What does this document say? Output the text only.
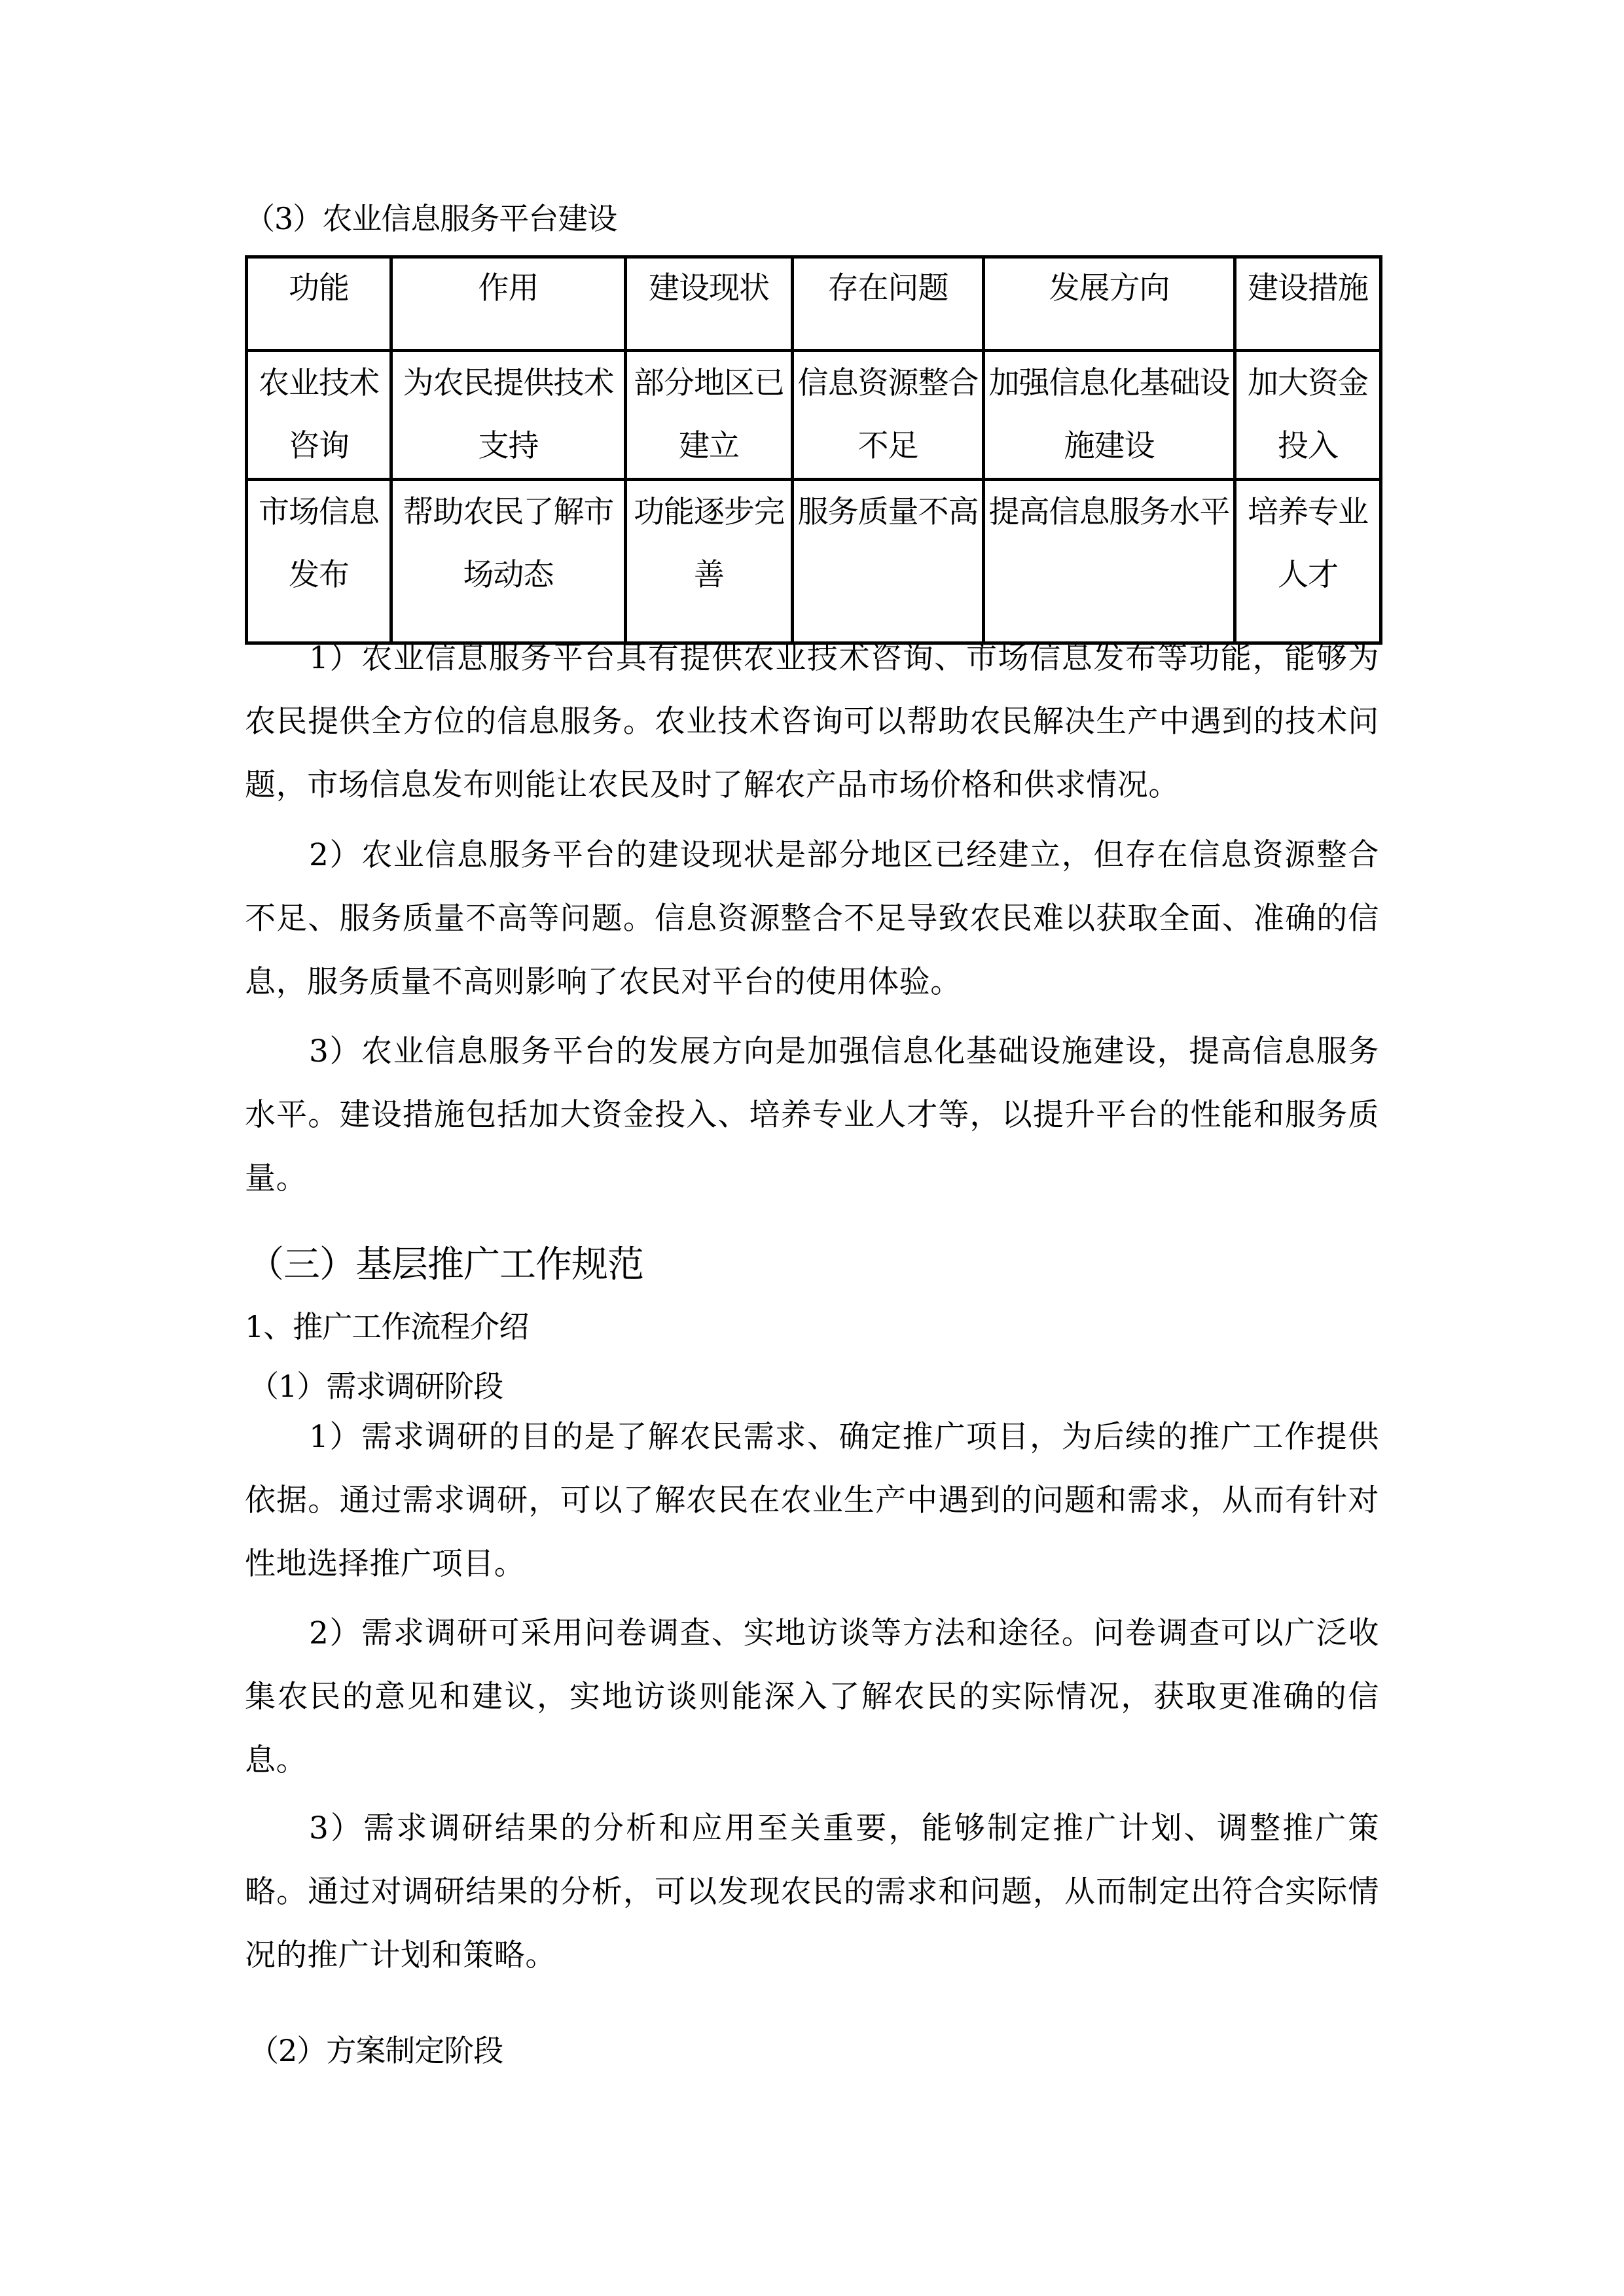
（3）农业信息服务平台建设
功能	作用	建设现状	存在问题	发展方向	建设措施
农业技术咨询	为农民提供技术支持	部分地区已建立	信息资源整合不足	加强信息化基础设施建设	加大资金投入
市场信息发布	帮助农民了解市场动态	功能逐步完善	服务质量不高	提高信息服务水平	培养专业人才

1）农业信息服务平台具有提供农业技术咨询、市场信息发布等功能，能够为农民提供全方位的信息服务。农业技术咨询可以帮助农民解决生产中遇到的技术问题，市场信息发布则能让农民及时了解农产品市场价格和供求情况。

2）农业信息服务平台的建设现状是部分地区已经建立，但存在信息资源整合不足、服务质量不高等问题。信息资源整合不足导致农民难以获取全面、准确的信息，服务质量不高则影响了农民对平台的使用体验。

3）农业信息服务平台的发展方向是加强信息化基础设施建设，提高信息服务水平。建设措施包括加大资金投入、培养专业人才等，以提升平台的性能和服务质量。

（三）基层推广工作规范
1、推广工作流程介绍
（1）需求调研阶段

1）需求调研的目的是了解农民需求、确定推广项目，为后续的推广工作提供依据。通过需求调研，可以了解农民在农业生产中遇到的问题和需求，从而有针对性地选择推广项目。

2）需求调研可采用问卷调查、实地访谈等方法和途径。问卷调查可以广泛收集农民的意见和建议，实地访谈则能深入了解农民的实际情况，获取更准确的信息。

3）需求调研结果的分析和应用至关重要，能够制定推广计划、调整推广策略。通过对调研结果的分析，可以发现农民的需求和问题，从而制定出符合实际情况的推广计划和策略。

（2）方案制定阶段
